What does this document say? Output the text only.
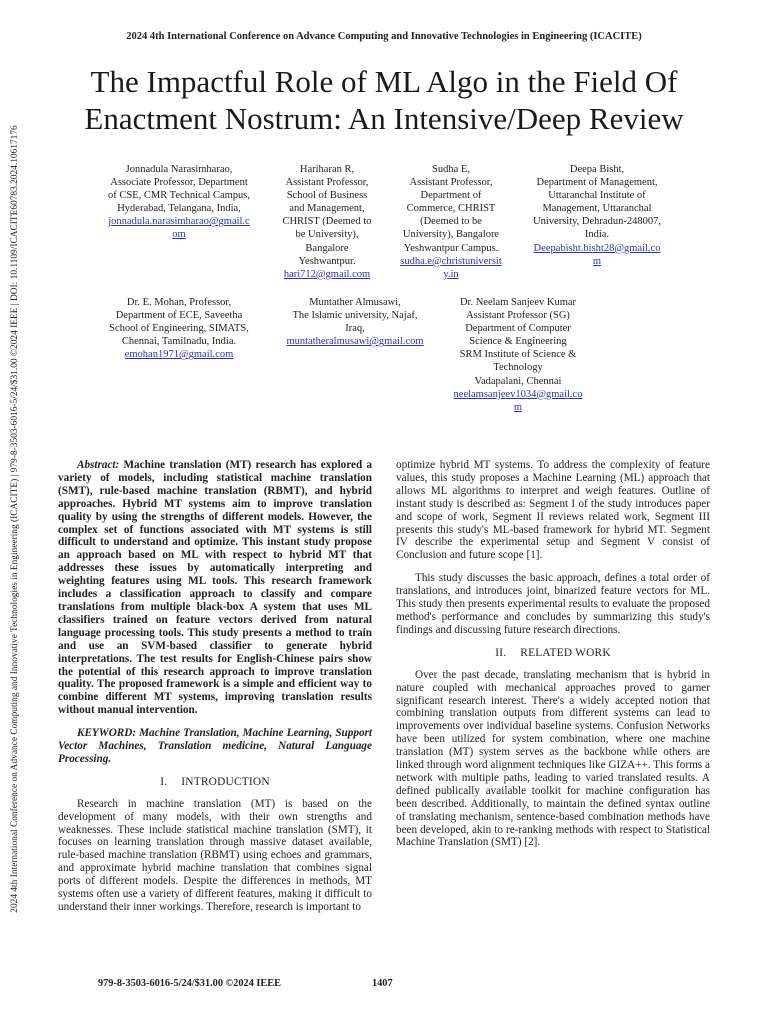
2024 4th International Conference on Advance Computing and Innovative Technologies in Engineering (ICACITE)
The Impactful Role of ML Algo in the Field Of
Enactment Nostrum: An Intensive/Deep Review
2024 4th International Conference on Advance Computing and Innovative Technologies in Engineering (ICACITE) | 979-8-3503-6016-5/24/$31.00 ©2024 IEEE | DOI: 10.1109/ICACITE60783.2024.10617176	Jonnadula Narasimharao,
Associate Professor, Department
of CSE, CMR Technical Campus,
Hyderabad, Telangana, India,
jonnadula.narasimharao@gmail.c
om
Hariharan R,
Assistant Professor,
School of Business
and Management,
CHRIST (Deemed to
be University),
Bangalore
Yeshwantpur.
hari712@gmail.com
Sudha E,
Assistant Professor,
Department of
Commerce, CHRIST
(Deemed to be
University), Bangalore
Yeshwantpur Campus.
sudha.e@christuniversit
y.in
Deepa Bisht,
Department of Management,
Uttaranchal Institute of
Management, Uttaranchal
University, Dehradun-248007,
India.
Deepabisht.bisht28@gmail.co
m
Dr. E. Mohan, Professor,
Department of ECE, Saveetha
School of Engineering, SIMATS,
Chennai, Tamilnadu, India.
emohan1971@gmail.com
Muntather Almusawi,
The Islamic university, Najaf,
Iraq,
muntatheralmusawi@gmail.com
Dr. Neelam Sanjeev Kumar
Assistant Professor (SG)
Department of Computer
Science & Engineering
SRM Institute of Science &
Technology
Vadapalani, Chennai
neelamsanjeev1034@gmail.co
m

Abstract: Machine translation (MT) research has explored a variety of models, including statistical machine translation (SMT), rule-based machine translation (RBMT), and hybrid approaches. Hybrid MT systems aim to improve translation quality by using the strengths of different models. However, the complex set of functions associated with MT systems is still difficult to understand and optimize. This instant study propose an approach based on ML with respect to hybrid MT that addresses these issues by automatically interpreting and weighting features using ML tools. This research framework includes a classification approach to classify and compare translations from multiple black-box A system that uses ML classifiers trained on feature vectors derived from natural language processing tools. This study presents a method to train and use an SVM-based classifier to generate hybrid interpretations. The test results for English-Chinese pairs show the potential of this research approach to improve translation quality. The proposed framework is a simple and efficient way to combine different MT systems, improving translation results without manual intervention.

KEYWORD: Machine Translation, Machine Learning, Support Vector Machines, Translation medicine, Natural Language Processing.

I. INTRODUCTION

Research in machine translation (MT) is based on the development of many models, with their own strengths and weaknesses. These include statistical machine translation (SMT), it focuses on learning translation through massive dataset available, rule-based machine translation (RBMT) using echoes and grammars, and approximate hybrid machine translation that combines signal ports of different models. Despite the differences in methods, MT systems often use a variety of different features, making it difficult to understand their inner workings. Therefore, research is important to

optimize hybrid MT systems. To address the complexity of feature values, this study proposes a Machine Learning (ML) approach that allows ML algorithms to interpret and weigh features. Outline of instant study is described as: Segment I of the study introduces paper and scope of work, Segment II reviews related work, Segment III presents this study's ML-based framework for hybrid MT. Segment IV describe the experimental setup and Segment V consist of Conclusion and future scope [1].

This study discusses the basic approach, defines a total order of translations, and introduces joint, binarized feature vectors for ML. This study then presents experimental results to evaluate the proposed method's performance and concludes by summarizing this study's findings and discussing future research directions.

II. RELATED WORK

Over the past decade, translating mechanism that is hybrid in nature coupled with mechanical approaches proved to garner significant research interest. There's a widely accepted notion that combining translation outputs from different systems can lead to improvements over individual baseline systems. Confusion Networks have been utilized for system combination, where one machine translation (MT) system serves as the backbone while others are linked through word alignment techniques like GIZA++. This forms a network with multiple paths, leading to varied translated results. A defined publically available toolkit for machine configuration has been described. Additionally, to maintain the defined syntax outline of translating mechanism, sentence-based combination methods have been developed, akin to re-ranking methods with respect to Statistical Machine Translation (SMT) [2].

979-8-3503-6016-5/24/$31.00 ©2024 IEEE	1407
